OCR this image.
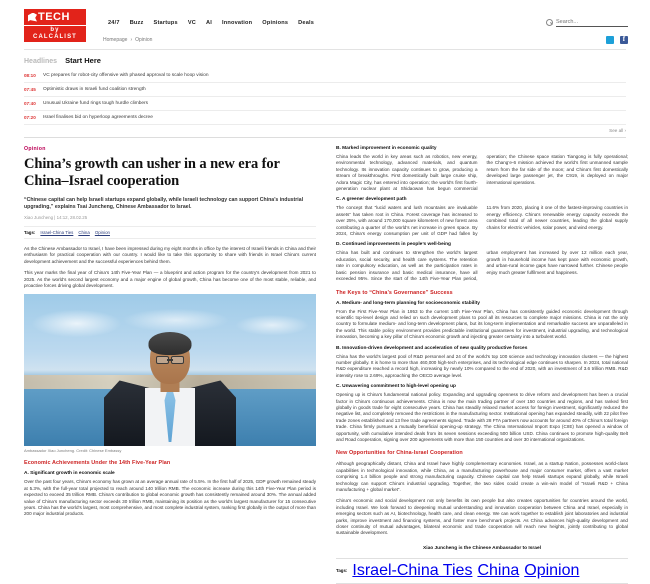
TECH
by CALCALIST
24/7 Buzz Startups VC AI Innovation Opinions Deals
Search...
Homepage › Opinion
f
Headlines Start Here
08:10 VC prepares for robot-city offensive with phased approval to scale hoop vision
07:45 Optimistic draws in Israeli fund coalition strength
07:40 Unusual Ukraine fund rings tough hurdle climbers
07:20 Israel finalises bid on hyperloop agreements decree
See all ›
Opinion
China’s growth can usher in a new era for China–Israel cooperation
“Chinese capital can help Israeli startups expand globally, while Israeli technology can support China’s industrial upgrading,” explains Tsai Juncheng, Chinese Ambassador to Israel.
Xiao Juncheng | 14:12, 28.02.25
Tags: Israel-China Ties China Opinion

As the Chinese Ambassador to Israel, I have been impressed during my eight months in office by the interest of Israeli friends in China and their enthusiasm for practical cooperation with our country. I would like to take this opportunity to share with friends in Israel China’s current development achievement and the successful experiences behind them.

This year marks the final year of China’s 14th Five-Year Plan — a blueprint and action program for the country’s development from 2021 to 2025. As the world’s second largest economy and a major engine of global growth, China has become one of the most stable, reliable, and proactive forces driving global development.

Ambassador Xiao Juncheng. Credit: Chinese Embassy
Economic Achievements Under the 14th Five-Year Plan
A. Significant growth in economic scale

Over the past four years, China’s economy has grown at an average annual rate of 5.5%. In the first half of 2025, GDP growth remained steady at 5.3%, with the full-year total projected to reach around 140 trillion RMB. The economic increase during this 14th Five-Year Plan period is expected to exceed 35 trillion RMB. China’s contribution to global economic growth has consistently remained around 30%. The annual added value of China’s manufacturing sector exceeds 30 trillion RMB, maintaining its position as the world’s largest manufacturer for 15 consecutive years. China has the world’s largest, most comprehensive, and most complete industrial system, ranking first globally in the output of more than 200 major industrial products.

B. Marked improvement in economic quality

China leads the world in key areas such as robotics, new energy, environmental technology, advanced materials, and quantum technology. Its innovation capacity continues to grow, producing a stream of breakthroughs. First domestically built large cruise ship, Adora Magic City, has entered into operation; the world’s first fourth-generation nuclear plant at Shidaowan has begun commercial operation; the Chinese space station Tiangong is fully operational; the Chang’e-6 mission achieved the world’s first unmanned sample return from the far side of the moon; and China’s first domestically developed large passenger jet, the C919, is deployed on major international operations.

C. A greener development path

The concept that “lucid waters and lush mountains are invaluable assets” has taken root in China. Forest coverage has increased to over 25%, with around 170,000 square kilometers of new forest area contributing a quarter of the world’s net increase in green space. By 2024, China’s energy consumption per unit of GDP had fallen by 11.6% from 2020, placing it one of the fastest-improving countries in energy efficiency. China’s renewable energy capacity exceeds the combined total of all newer countries, leading the global supply chains for electric vehicles, solar power, and wind energy.

D. Continued improvements in people’s well-being

China has built and continues to strengthen the world’s largest education, social security, and health care systems. The retention rate in compulsory education, as well as the participation rates in basic pension insurance and basic medical insurance, have all exceeded 95%. Since the start of the 14th Five-Year Plan period, urban employment has increased by over 12 million each year, growth in household income has kept pace with economic growth, and urban-rural income gaps have narrowed further. Chinese people enjoy much greater fulfilment and happiness.

The Keys to “China’s Governance” Success
A. Medium- and long-term planning for socioeconomic stability

From the First Five-Year Plan in 1953 to the current 14th Five-Year Plan, China has consistently guided economic development through scientific top-level design and relied on such development plans to pool all its resources to complete major missions. China is not the only country to formulate medium- and long-term development plans, but its long-term implementation and remarkable success are unparalleled in the world. This stable policy environment provides predictable institutional guarantees for investment, industrial upgrading, and technological innovation, becoming a key pillar of China’s economic growth and injecting greater certainty into a turbulent world.

B. Innovation-driven development and acceleration of new quality productive forces

China has the world’s largest pool of R&D personnel and 24 of the world’s top 100 science and technology innovation clusters — the highest number globally. It is home to more than 460,000 high-tech enterprises, and its technological edge continues to sharpen. In 2024, total national R&D expenditure reached a record high, increasing by nearly 10% compared to the end of 2020, with an investment of 3.6 trillion RMB. R&D intensity rose to 2.69%, approaching the OECD average level.

C. Unwavering commitment to high-level opening up

Opening up is China’s fundamental national policy. Expanding and upgrading openness to drive reform and development has been a crucial factor in China’s continuous achievements. China is now the main trading partner of over 150 countries and regions, and has ranked first globally in goods trade for eight consecutive years. China has steadily relaxed market access for foreign investment, significantly reduced the negative list, and completely removed the restrictions in the manufacturing sector. Institutional opening has expanded steadily, with 22 pilot free trade zones established and 13 free trade agreements signed. Trade with 28 FTA partners now accounts for around 40% of China’s total foreign trade. China firmly pursues a mutually beneficial opening-up strategy. The China International Import Expo (CIIE) has opened a window of opportunity, with cumulative intended deals from its seven sessions exceeding 500 billion USD. China continues to promote high-quality Belt and Road cooperation, signing over 200 agreements with more than 150 countries and over 30 international organizations.

New Opportunities for China-Israel Cooperation

Although geographically distant, China and Israel have highly complementary economies. Israel, as a startup Nation, possesses world-class capabilities in technological innovation, while China, as a manufacturing powerhouse and major consumer market, offers a vast market comprising 1.4 billion people and strong manufacturing capacity. Chinese capital can help Israeli startups expand globally, while Israeli technology can support China’s industrial upgrading. Together, the two sides could create a win-win model of “Israeli R&D + China manufacturing + global market”.

China’s economic and social development not only benefits its own people but also creates opportunities for countries around the world, including Israel. We look forward to deepening mutual understanding and innovation cooperation between China and Israel, especially in emerging sectors such as AI, biotechnology, health care, and clean energy. We can work together to establish joint laboratories and industrial parks, improve investment and financing systems, and foster more benchmark projects. As China advances high-quality development and closer continuity of mutual advantages, bilateral economic and trade cooperation will reach new heights, jointly contributing to global sustainable development.

Xiao Juncheng is the Chinese Ambassador to Israel
Tags: Israel-China Ties China Opinion
